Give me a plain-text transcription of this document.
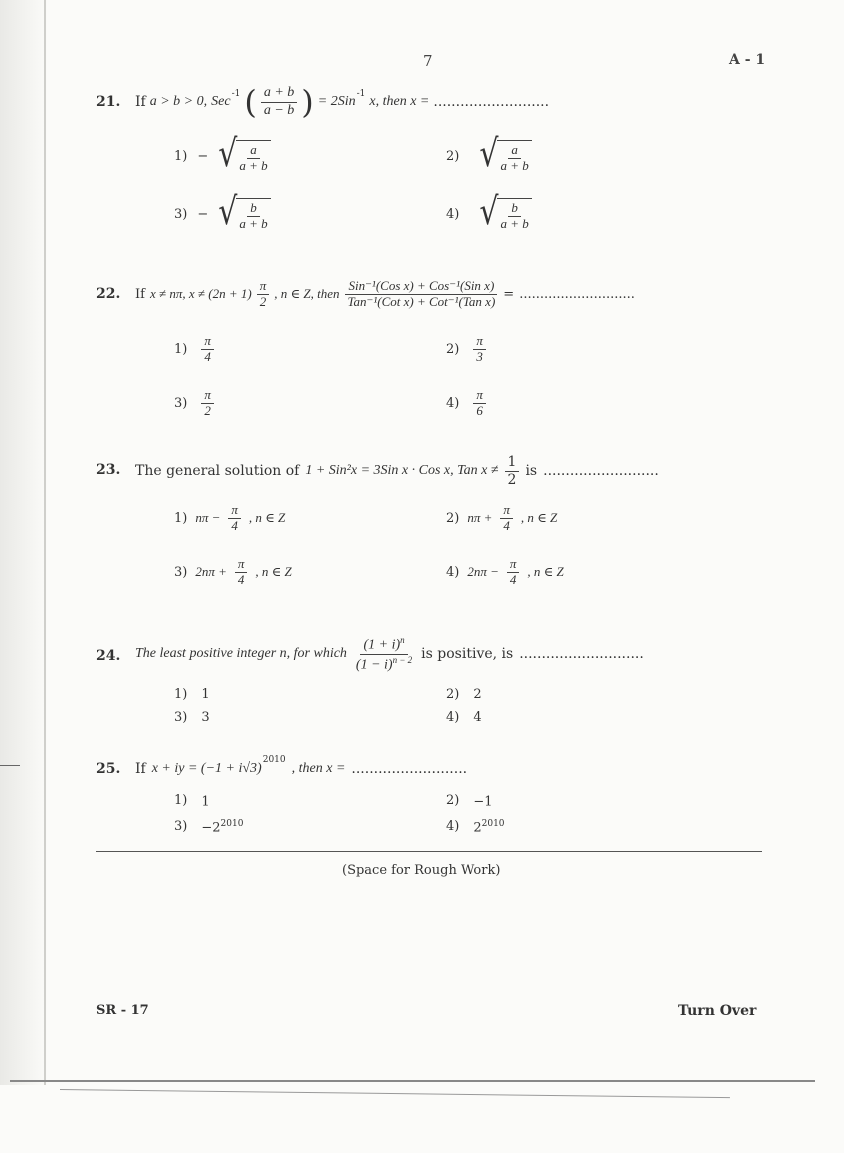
7	A - 1
21. If a > b > 0, Sec$^{-1}$ ( $\frac{a + b}{a - b}$ ) = 2Sin$^{-1}$ x, then x = ..........................
1) − √ $\frac{a}{a + b}$	2) √ $\frac{a}{a + b}$
3) − √ $\frac{b}{a + b}$	4) √ $\frac{b}{a + b}$
22. If x ≠ nπ, $x \ne (2n + 1) \frac{\pi}{2}$ , n ∈ Z, then $\frac{\text{Sin⁻¹(Cos x) + Cos⁻¹(Sin x)}}{\text{Tan⁻¹(Cot x) + Cot⁻¹(Tan x)}}$ = ............................
$1) \frac{\pi}{4}$	$2) \frac{\pi}{3}$
$3) \frac{\pi}{2}$	$4) \frac{\pi}{6}$
23. The general solution of 1 + Sin²x = 3Sin x · Cos x, Tan $x \ne \frac{1}{2}$ is ..........................
1) $n\pi - \frac{\pi}{4}$ , n ∈ Z	2) $n\pi + \frac{\pi}{4}$ , n ∈ Z
3) $2n\pi + \frac{\pi}{4}$ , n ∈ Z	4) $2n\pi - \frac{\pi}{4}$ , n ∈ Z
24. The least positive integer n, for which $\frac{(1 + i)^n}{(1 - i)^{n - 2}}$ is positive, is ............................
1) 1	2) 2
3) 3	4) 4
25. If x + iy = (−1 + i√3)
$^{2010}$
, then x = ..........................
1) 1	2) −1
$3) -2^{2010}$	4) $2^{2010}$
(Space for Rough Work)
SR - 17	Turn Over
